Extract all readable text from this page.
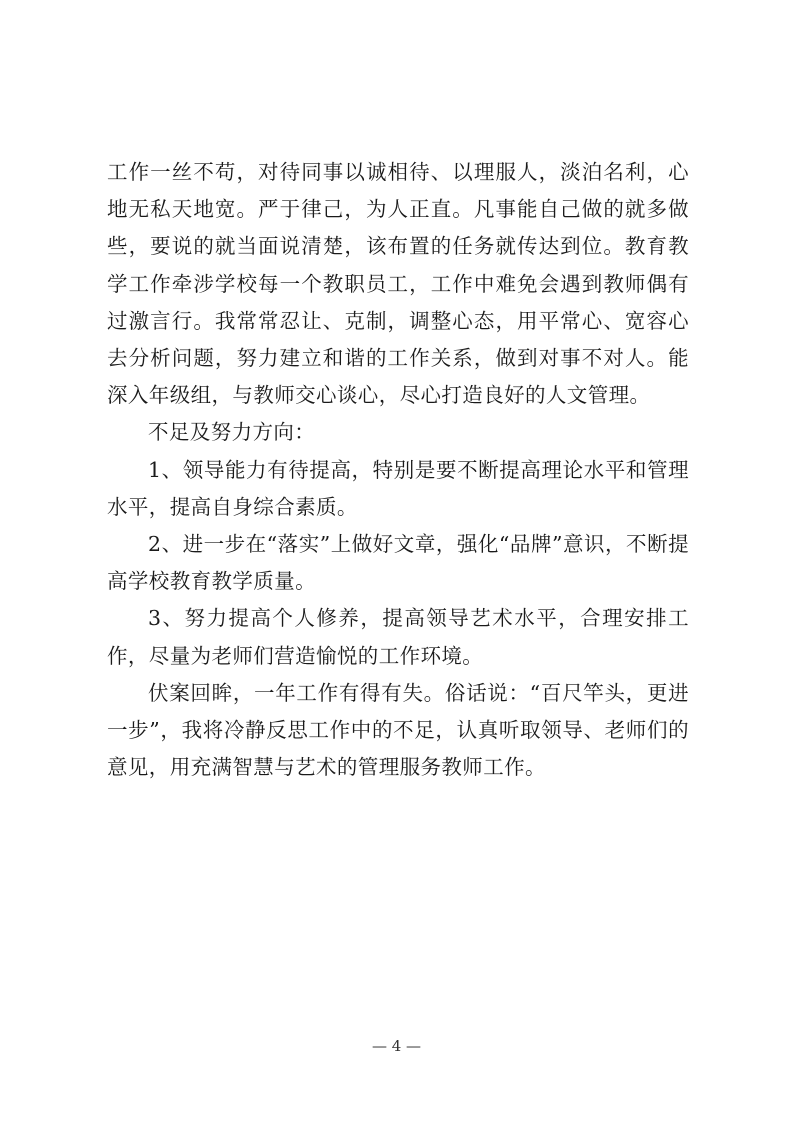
工作一丝不苟，对待同事以诚相待、以理服人，淡泊名利，心地无私天地宽。严于律己，为人正直。凡事能自己做的就多做些，要说的就当面说清楚，该布置的任务就传达到位。教育教学工作牵涉学校每一个教职员工，工作中难免会遇到教师偶有过激言行。我常常忍让、克制，调整心态，用平常心、宽容心去分析问题，努力建立和谐的工作关系，做到对事不对人。能深入年级组，与教师交心谈心，尽心打造良好的人文管理。

不足及努力方向：

1、领导能力有待提高，特别是要不断提高理论水平和管理水平，提高自身综合素质。

2、进一步在“落实”上做好文章，强化“品牌”意识，不断提高学校教育教学质量。

3、努力提高个人修养，提高领导艺术水平，合理安排工作，尽量为老师们营造愉悦的工作环境。

伏案回眸，一年工作有得有失。俗话说：“百尺竿头，更进一步”，我将冷静反思工作中的不足，认真听取领导、老师们的意见，用充满智慧与艺术的管理服务教师工作。

— 4 —
